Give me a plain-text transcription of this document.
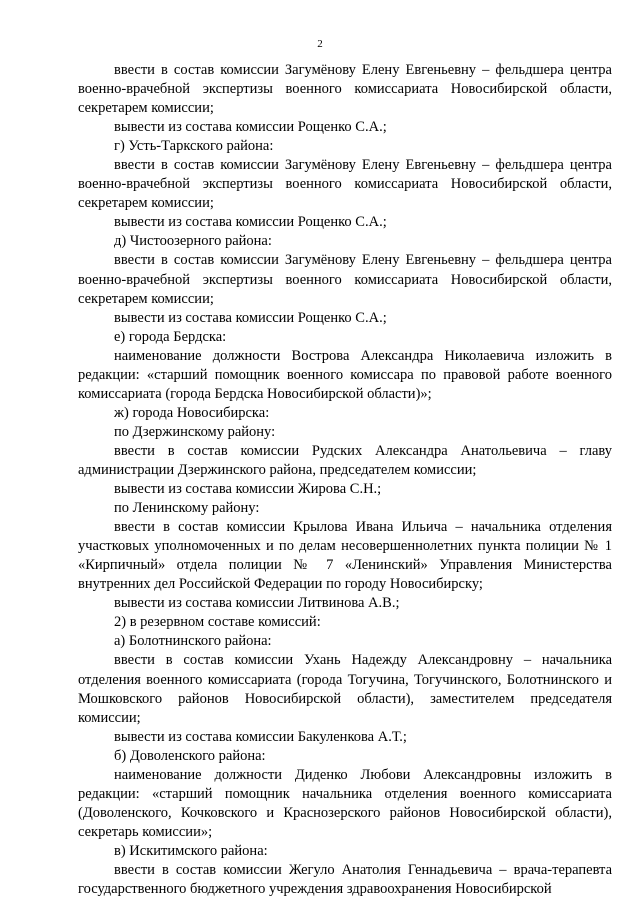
2

ввести в состав комиссии Загумёнову Елену Евгеньевну – фельдшера центра военно-врачебной экспертизы военного комиссариата Новосибирской области, секретарем комиссии;

вывести из состава комиссии Рощенко С.А.;

г) Усть-Таркского района:

ввести в состав комиссии Загумёнову Елену Евгеньевну – фельдшера центра военно-врачебной экспертизы военного комиссариата Новосибирской области, секретарем комиссии;

вывести из состава комиссии Рощенко С.А.;

д) Чистоозерного района:

ввести в состав комиссии Загумёнову Елену Евгеньевну – фельдшера центра военно-врачебной экспертизы военного комиссариата Новосибирской области, секретарем комиссии;

вывести из состава комиссии Рощенко С.А.;

е) города Бердска:

наименование должности Вострова Александра Николаевича изложить в редакции: «старший помощник военного комиссара по правовой работе военного комиссариата (города Бердска Новосибирской области)»;

ж) города Новосибирска:

по Дзержинскому району:

ввести в состав комиссии Рудских Александра Анатольевича – главу администрации Дзержинского района, председателем комиссии;

вывести из состава комиссии Жирова С.Н.;

по Ленинскому району:

ввести в состав комиссии Крылова Ивана Ильича – начальника отделения участковых уполномоченных и по делам несовершеннолетних пункта полиции № 1 «Кирпичный» отдела полиции № 7 «Ленинский» Управления Министерства внутренних дел Российской Федерации по городу Новосибирску;

вывести из состава комиссии Литвинова А.В.;

2) в резервном составе комиссий:

а) Болотнинского района:

ввести в состав комиссии Ухань Надежду Александровну – начальника отделения военного комиссариата (города Тогучина, Тогучинского, Болотнинского и Мошковского районов Новосибирской области), заместителем председателя комиссии;

вывести из состава комиссии Бакуленкова А.Т.;

б) Доволенского района:

наименование должности Диденко Любови Александровны изложить в редакции: «старший помощник начальника отделения военного комиссариата (Доволенского, Кочковского и Краснозерского районов Новосибирской области), секретарь комиссии»;

в) Искитимского района:

ввести в состав комиссии Жегуло Анатолия Геннадьевича – врача-терапевта государственного бюджетного учреждения здравоохранения Новосибирской
